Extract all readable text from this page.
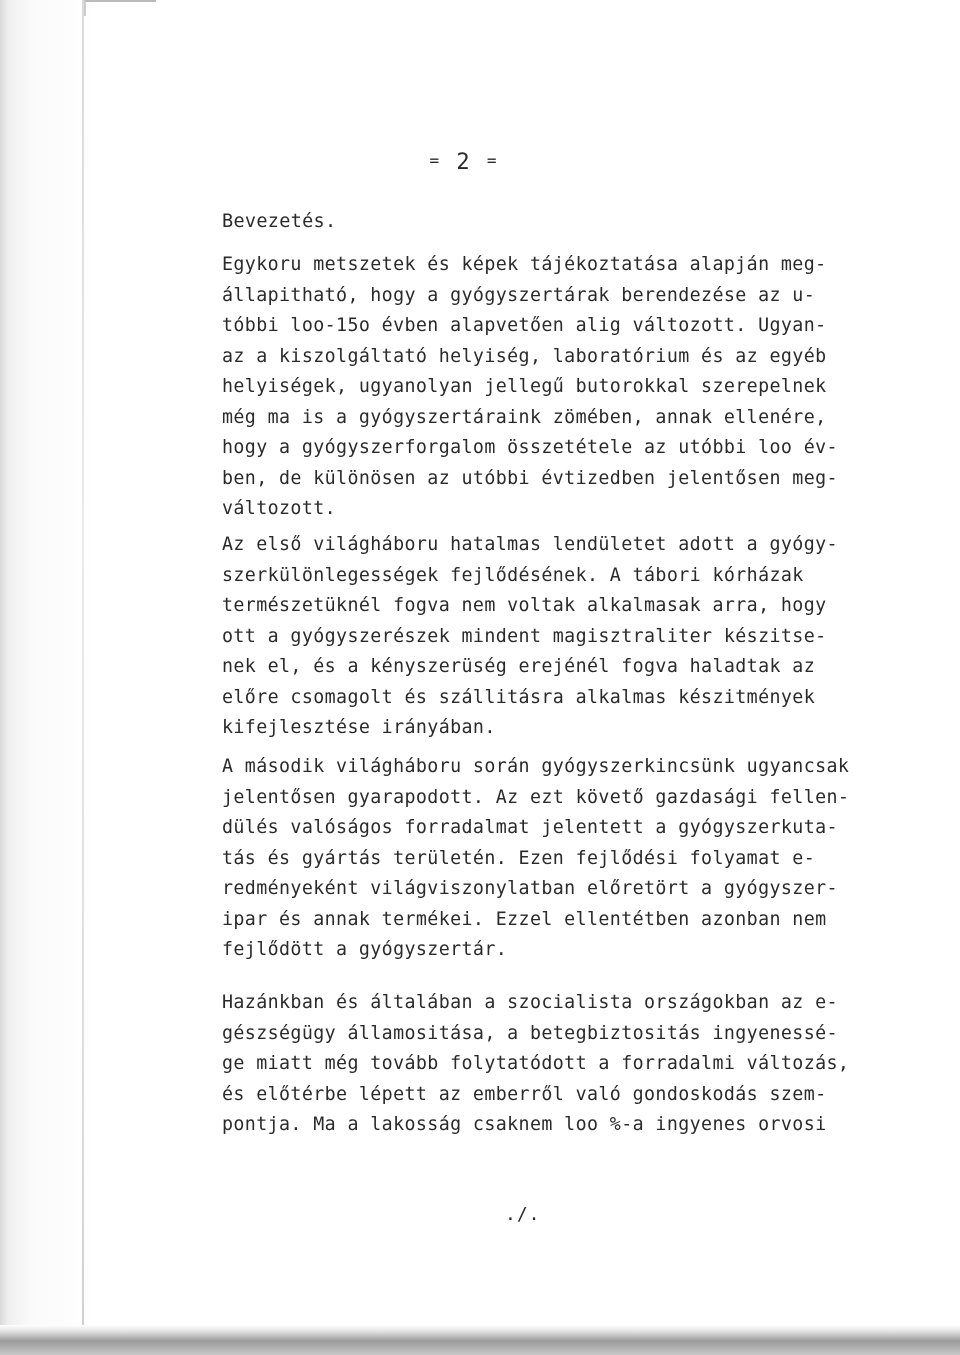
= 2 =
Bevezetés.
Egykoru metszetek és képek tájékoztatása alapján meg-
állapitható, hogy a gyógyszertárak berendezése az u-
tóbbi loo-15o évben alapvetően alig változott. Ugyan-
az a kiszolgáltató helyiség, laboratórium és az egyéb
helyiségek, ugyanolyan jellegű butorokkal szerepelnek
még ma is a gyógyszertáraink zömében, annak ellenére,
hogy a gyógyszerforgalom összetétele az utóbbi loo év-
ben, de különösen az utóbbi évtizedben jelentősen meg-
változott.
Az első világháboru hatalmas lendületet adott a gyógy-
szerkülönlegességek fejlődésének. A tábori kórházak
természetüknél fogva nem voltak alkalmasak arra, hogy
ott a gyógyszerészek mindent magisztraliter készitse-
nek el, és a kényszerüség erejénél fogva haladtak az
előre csomagolt és szállitásra alkalmas készitmények
kifejlesztése irányában.
A második világháboru során gyógyszerkincsünk ugyancsak
jelentősen gyarapodott. Az ezt követő gazdasági fellen-
dülés valóságos forradalmat jelentett a gyógyszerkuta-
tás és gyártás területén. Ezen fejlődési folyamat e-
redményeként világviszonylatban előretört a gyógyszer-
ipar és annak termékei. Ezzel ellentétben azonban nem
fejlődött a gyógyszertár.
Hazánkban és általában a szocialista országokban az e-
gészségügy államositása, a betegbiztositás ingyenessé-
ge miatt még tovább folytatódott a forradalmi változás,
és előtérbe lépett az emberről való gondoskodás szem-
pontja. Ma a lakosság csaknem loo %-a ingyenes orvosi
./.
